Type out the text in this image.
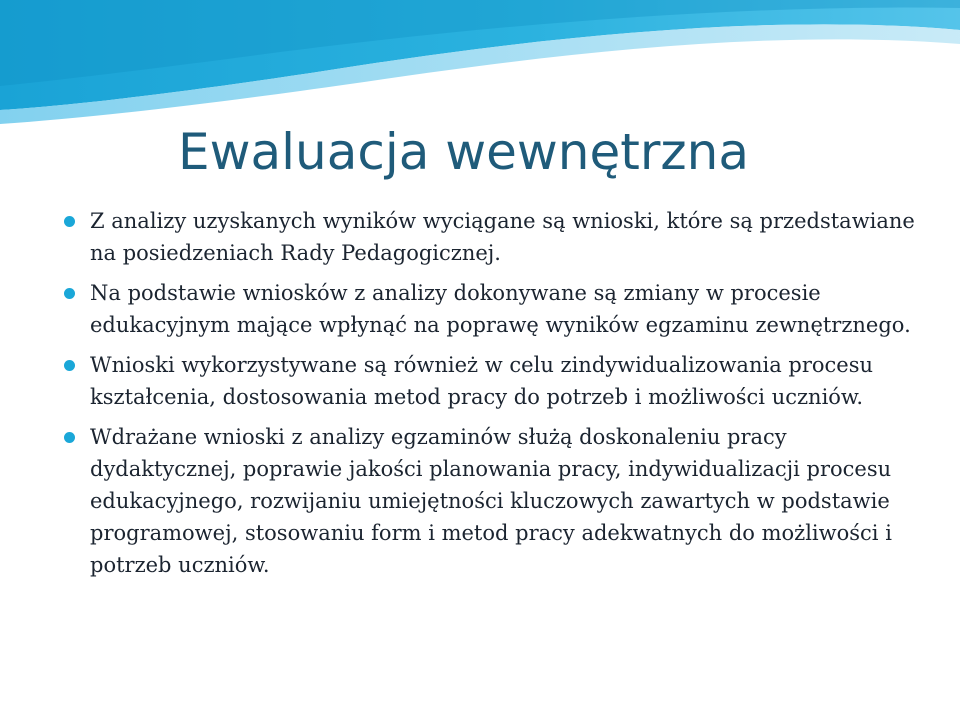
Ewaluacja wewnętrzna
Z analizy uzyskanych wyników wyciągane są wnioski, które są przedstawiane na posiedzeniach Rady Pedagogicznej.
Na podstawie wniosków z analizy dokonywane są zmiany w procesie edukacyjnym mające wpłynąć na poprawę wyników egzaminu zewnętrznego.
Wnioski wykorzystywane są również w celu zindywidualizowania procesu kształcenia, dostosowania metod pracy do potrzeb i możliwości uczniów.
Wdrażane wnioski z analizy egzaminów służą doskonaleniu pracy dydaktycznej, poprawie jakości planowania pracy, indywidualizacji procesu edukacyjnego, rozwijaniu umiejętności kluczowych zawartych w podstawie programowej, stosowaniu form i metod pracy adekwatnych do możliwości i potrzeb uczniów.
